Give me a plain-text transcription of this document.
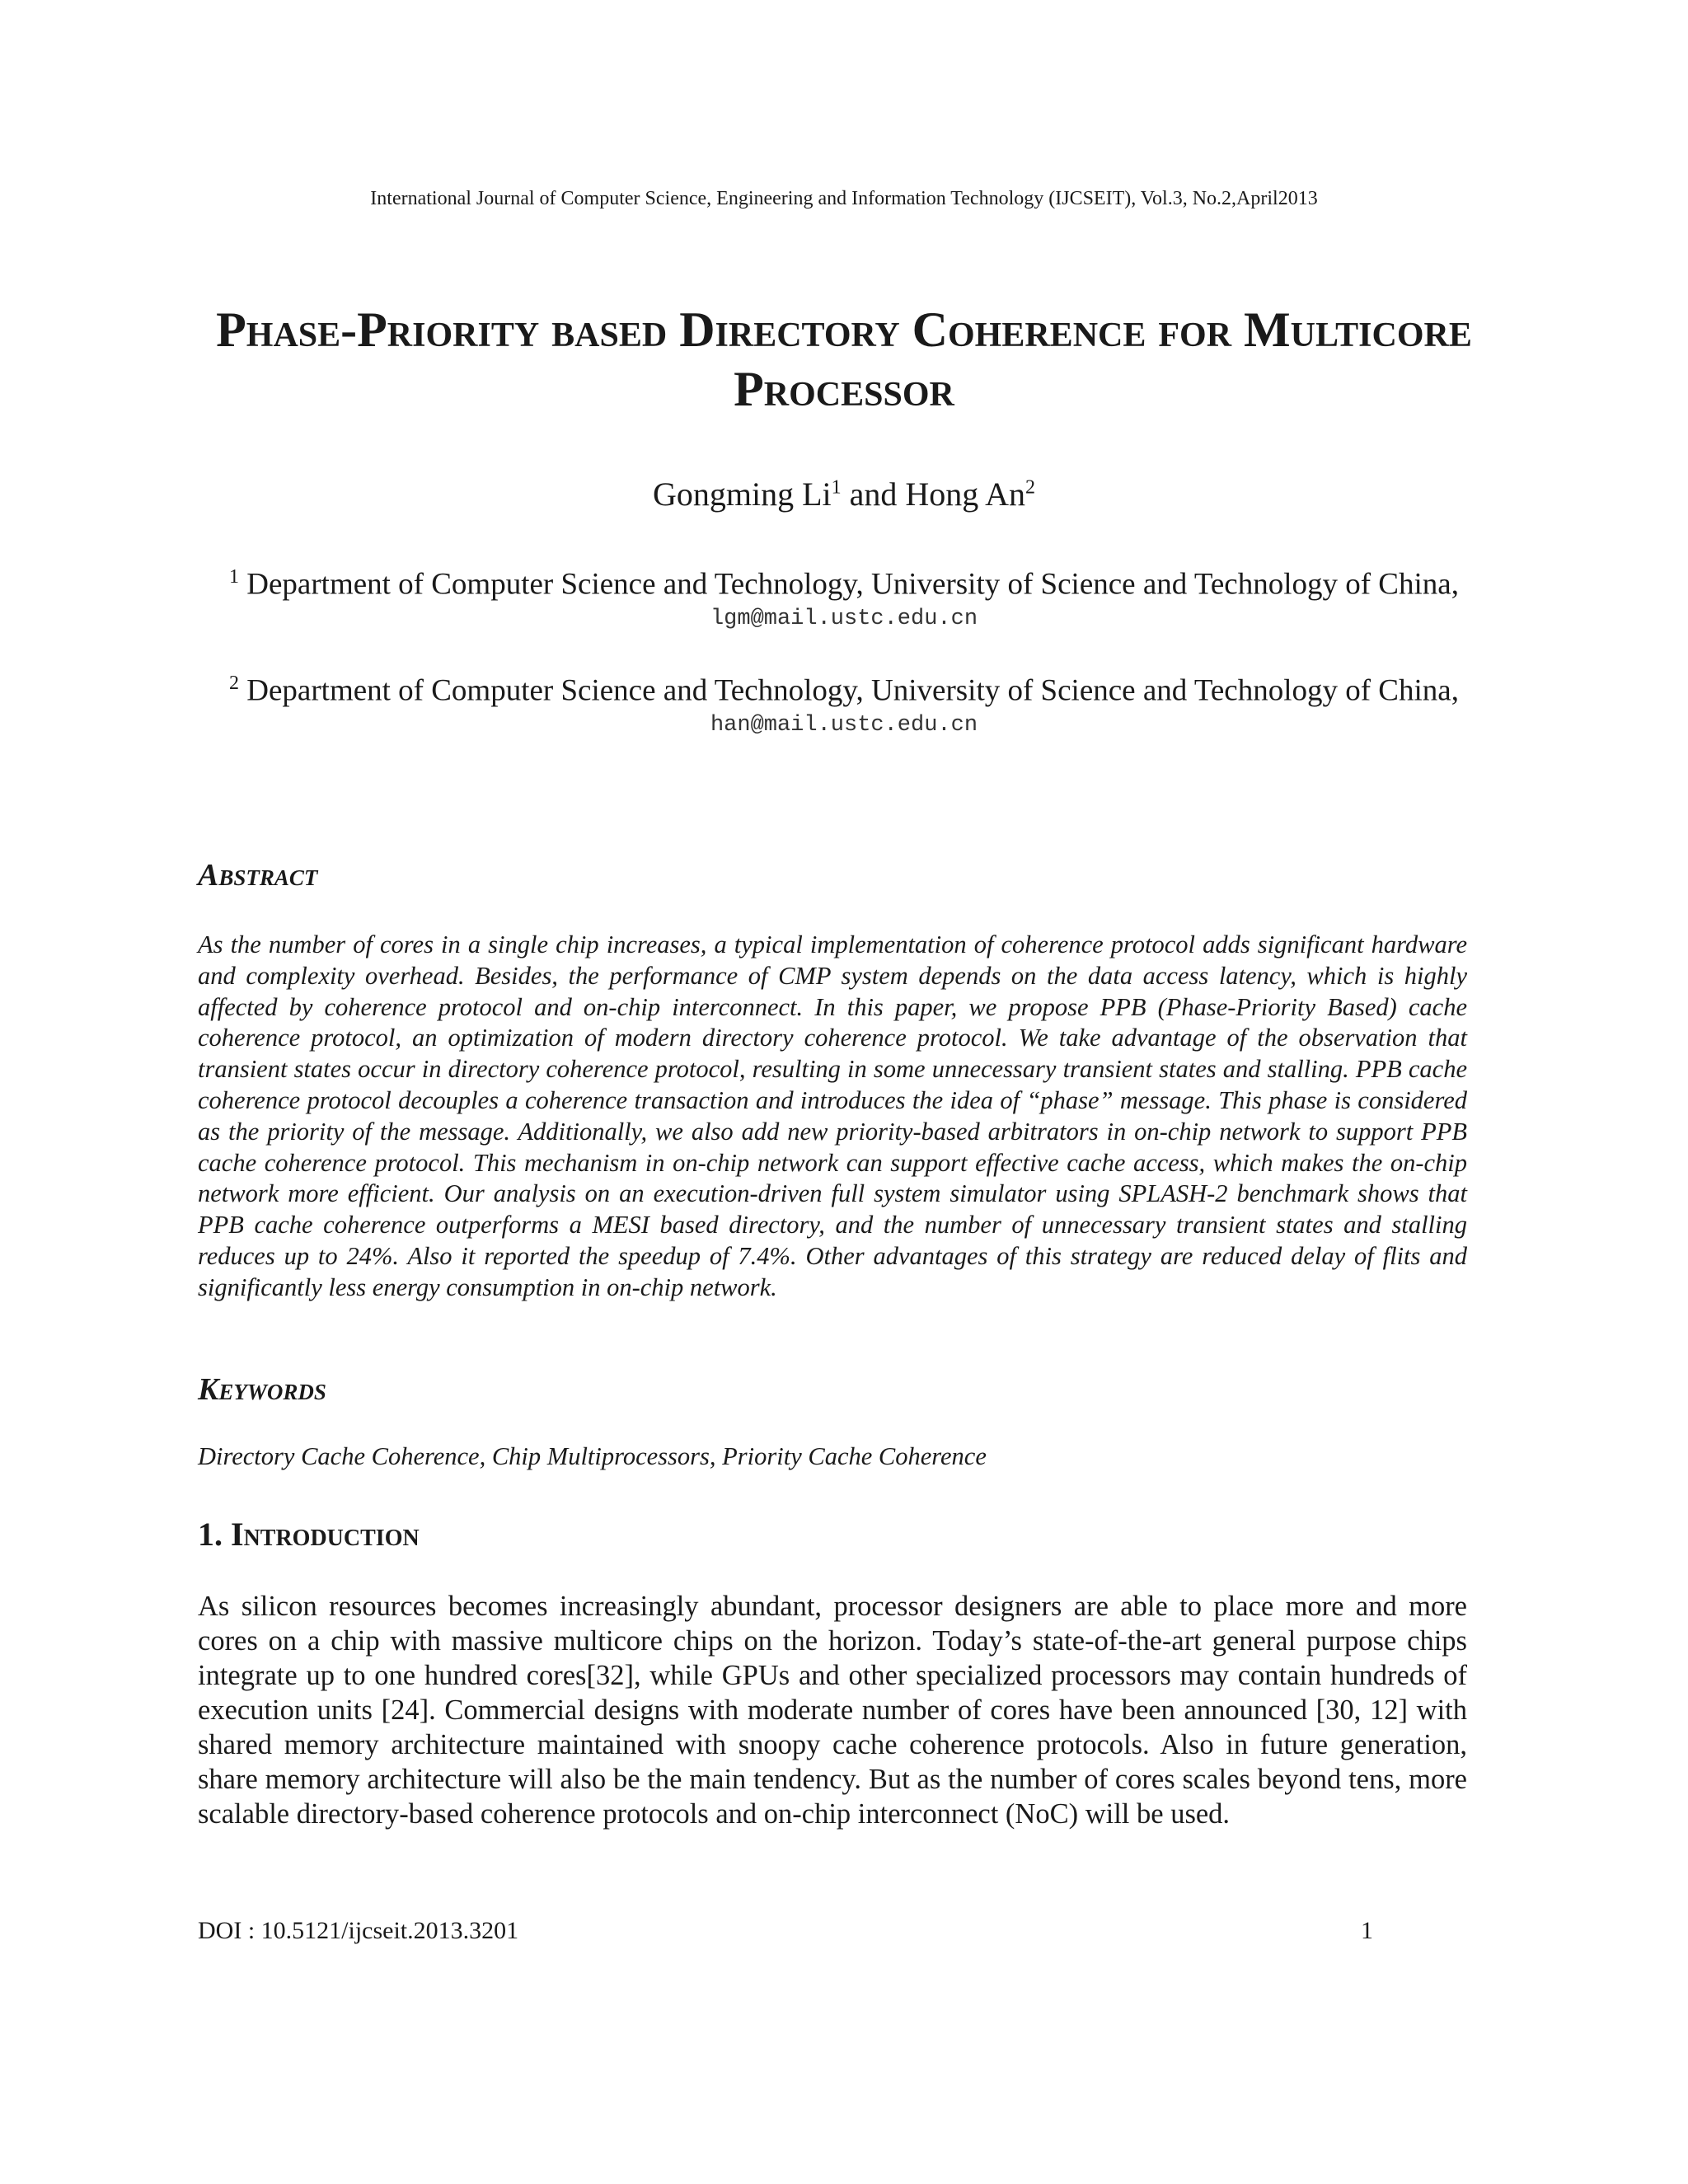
International Journal of Computer Science, Engineering and Information Technology (IJCSEIT), Vol.3, No.2,April2013
Phase-Priority based Directory Coherence for Multicore Processor
Gongming Li$^1$ and Hong An$^2$
$^1$ Department of Computer Science and Technology, University of Science and Technology of China,
lgm@mail.ustc.edu.cn
$^2$ Department of Computer Science and Technology, University of Science and Technology of China,
han@mail.ustc.edu.cn
Abstract
As the number of cores in a single chip increases, a typical implementation of coherence protocol adds significant hardware and complexity overhead. Besides, the performance of CMP system depends on the data access latency, which is highly affected by coherence protocol and on-chip interconnect. In this paper, we propose PPB (Phase-Priority Based) cache coherence protocol, an optimization of modern directory coherence protocol. We take advantage of the observation that transient states occur in directory coherence protocol, resulting in some unnecessary transient states and stalling. PPB cache coherence protocol decouples a coherence transaction and introduces the idea of “phase” message. This phase is considered as the priority of the message. Additionally, we also add new priority-based arbitrators in on-chip network to support PPB cache coherence protocol. This mechanism in on-chip network can support effective cache access, which makes the on-chip network more efficient. Our analysis on an execution-driven full system simulator using SPLASH-2 benchmark shows that PPB cache coherence outperforms a MESI based directory, and the number of unnecessary transient states and stalling reduces up to 24%. Also it reported the speedup of 7.4%. Other advantages of this strategy are reduced delay of flits and significantly less energy consumption in on-chip network.
Keywords
Directory Cache Coherence, Chip Multiprocessors, Priority Cache Coherence
1. Introduction
As silicon resources becomes increasingly abundant, processor designers are able to place more and more cores on a chip with massive multicore chips on the horizon. Today’s state-of-the-art general purpose chips integrate up to one hundred cores[32], while GPUs and other specialized processors may contain hundreds of execution units [24]. Commercial designs with moderate number of cores have been announced [30, 12] with shared memory architecture maintained with snoopy cache coherence protocols. Also in future generation, share memory architecture will also be the main tendency. But as the number of cores scales beyond tens, more scalable directory-based coherence protocols and on-chip interconnect (NoC) will be used.
DOI : 10.5121/ijcseit.2013.3201	1
